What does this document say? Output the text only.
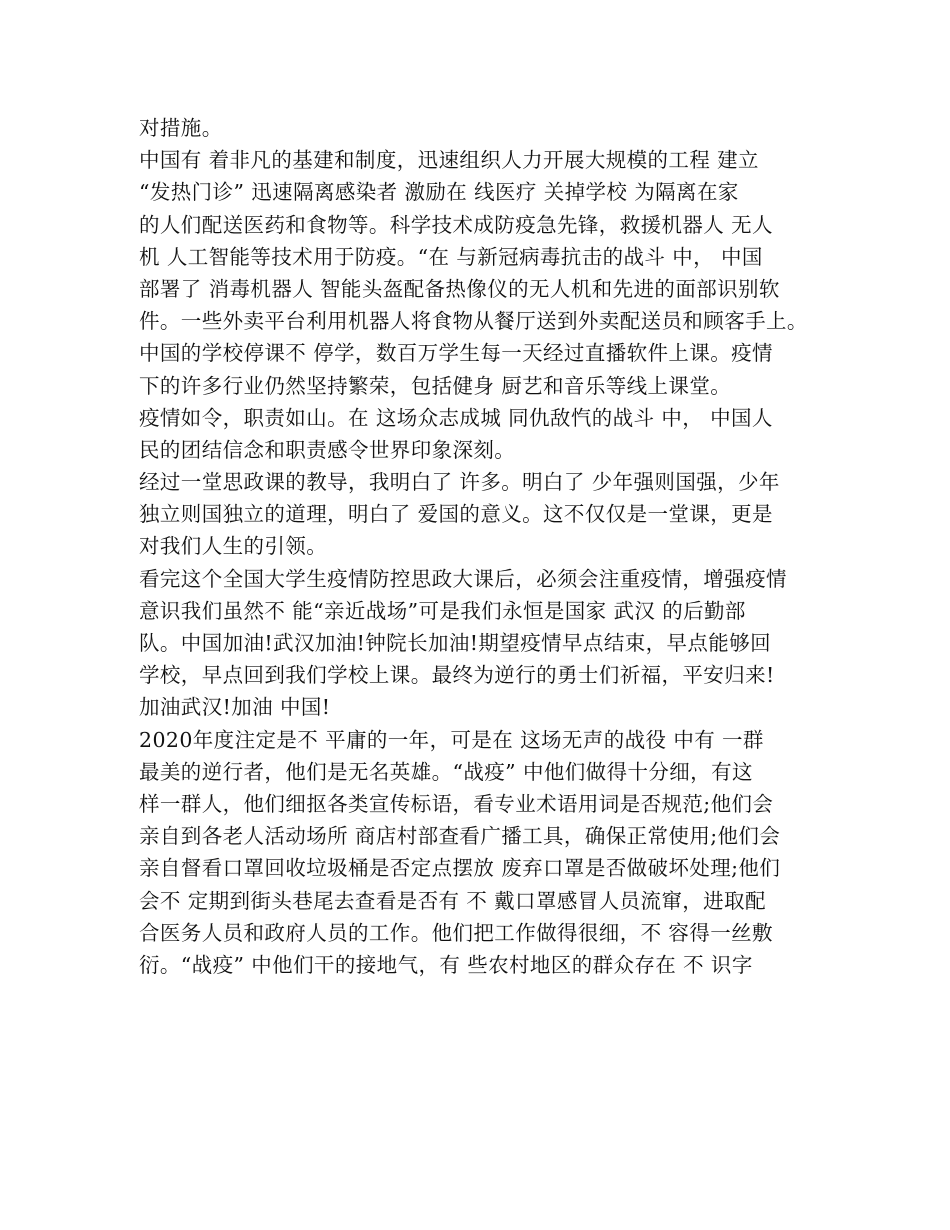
对措施。
中国有 着非凡的基建和制度，迅速组织人力开展大规模的工程 建立
“发热门诊” 迅速隔离感染者 激励在 线医疗 关掉学校 为隔离在家
的人们配送医药和食物等。科学技术成防疫急先锋，救援机器人 无人
机 人工智能等技术用于防疫。“在 与新冠病毒抗击的战斗 中， 中国
部署了 消毒机器人 智能头盔配备热像仪的无人机和先进的面部识别软
件。一些外卖平台利用机器人将食物从餐厅送到外卖配送员和顾客手上。
中国的学校停课不 停学，数百万学生每一天经过直播软件上课。疫情
下的许多行业仍然坚持繁荣，包括健身 厨艺和音乐等线上课堂。
疫情如令，职责如山。在 这场众志成城 同仇敌忾的战斗 中， 中国人
民的团结信念和职责感令世界印象深刻。
经过一堂思政课的教导，我明白了 许多。明白了 少年强则国强，少年
独立则国独立的道理，明白了 爱国的意义。这不仅仅是一堂课，更是
对我们人生的引领。
看完这个全国大学生疫情防控思政大课后，必须会注重疫情，增强疫情
意识我们虽然不 能“亲近战场”可是我们永恒是国家 武汉 的后勤部
队。中国加油!武汉加油!钟院长加油!期望疫情早点结束，早点能够回
学校，早点回到我们学校上课。最终为逆行的勇士们祈福，平安归来!
加油武汉!加油 中国!
2020年度注定是不 平庸的一年，可是在 这场无声的战役 中有 一群
最美的逆行者，他们是无名英雄。“战疫” 中他们做得十分细，有这
样一群人，他们细抠各类宣传标语，看专业术语用词是否规范;他们会
亲自到各老人活动场所 商店村部查看广播工具，确保正常使用;他们会
亲自督看口罩回收垃圾桶是否定点摆放 废弃口罩是否做破坏处理;他们
会不 定期到街头巷尾去查看是否有 不 戴口罩感冒人员流窜，进取配
合医务人员和政府人员的工作。他们把工作做得很细，不 容得一丝敷
衍。“战疫” 中他们干的接地气，有 些农村地区的群众存在 不 识字
